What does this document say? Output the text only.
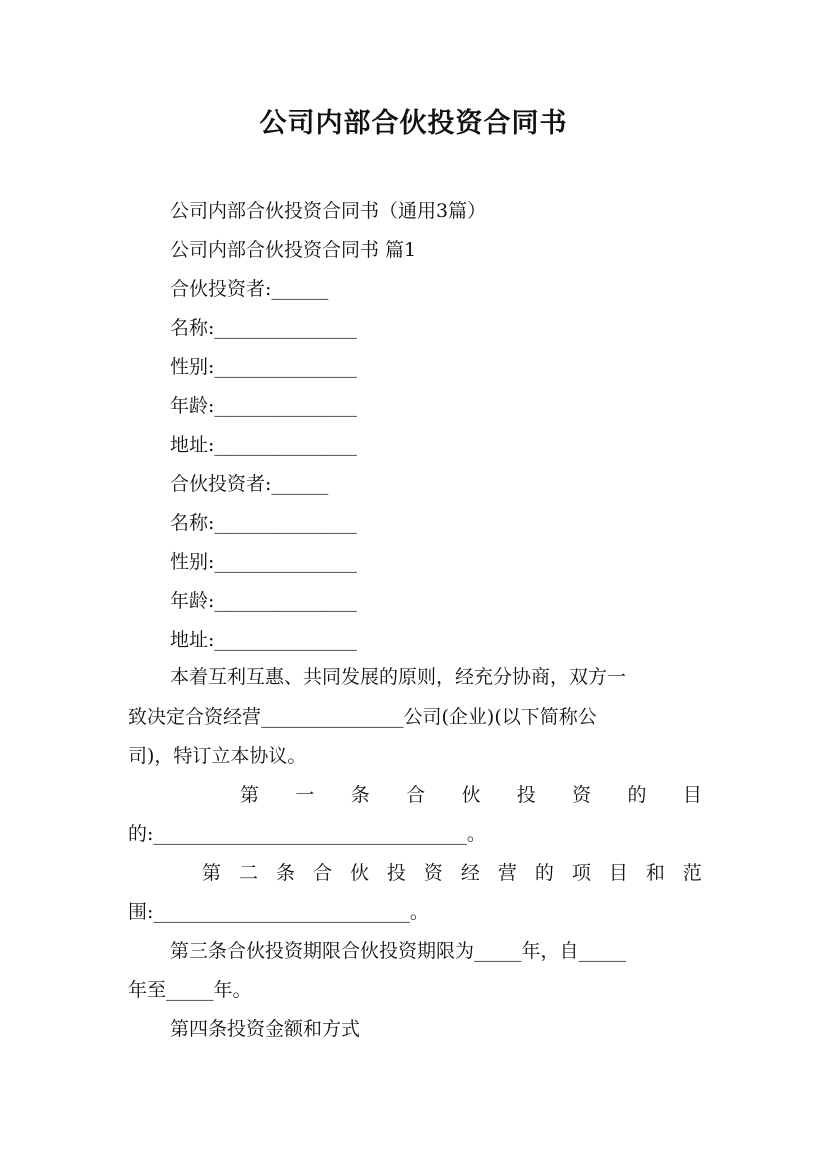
公司内部合伙投资合同书
公司内部合伙投资合同书（通用3篇）
公司内部合伙投资合同书 篇1
合伙投资者:______
名称:_______________
性别:_______________
年龄:_______________
地址:_______________
合伙投资者:______
名称:_______________
性别:_______________
年龄:_______________
地址:_______________
本着互利互惠、共同发展的原则，经充分协商，双方一
致决定合资经营_______________公司(企业)(以下简称公
司)，特订立本协议。
第 一 条 合 伙 投 资 的 目
的:_________________________________。
第 二 条 合 伙 投 资 经 营 的 项 目 和 范
围:___________________________。
第三条合伙投资期限合伙投资期限为_____年，自_____
年至_____年。
第四条投资金额和方式
